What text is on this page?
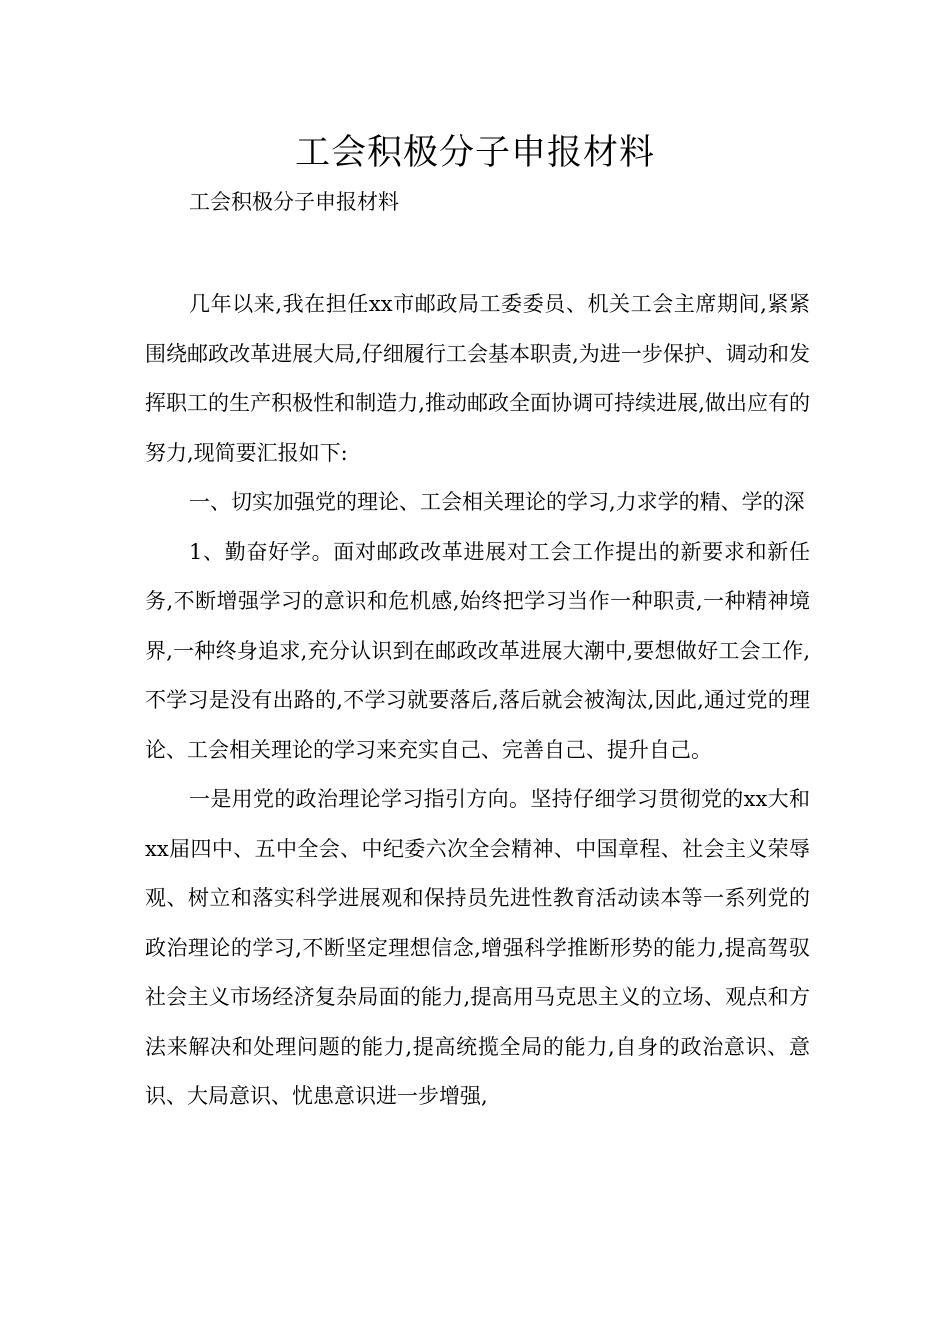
工会积极分子申报材料

工会积极分子申报材料

几年以来,我在担任xx市邮政局工委委员、机关工会主席期间,紧紧围绕邮政改革进展大局,仔细履行工会基本职责,为进一步保护、调动和发挥职工的生产积极性和制造力,推动邮政全面协调可持续进展,做出应有的努力,现简要汇报如下:

一、切实加强党的理论、工会相关理论的学习,力求学的精、学的深

1、勤奋好学。面对邮政改革进展对工会工作提出的新要求和新任务,不断增强学习的意识和危机感,始终把学习当作一种职责,一种精神境界,一种终身追求,充分认识到在邮政改革进展大潮中,要想做好工会工作,不学习是没有出路的,不学习就要落后,落后就会被淘汰,因此,通过党的理论、工会相关理论的学习来充实自己、完善自己、提升自己。

一是用党的政治理论学习指引方向。坚持仔细学习贯彻党的xx大和xx届四中、五中全会、中纪委六次全会精神、中国章程、社会主义荣辱观、树立和落实科学进展观和保持员先进性教育活动读本等一系列党的政治理论的学习,不断坚定理想信念,增强科学推断形势的能力,提高驾驭社会主义市场经济复杂局面的能力,提高用马克思主义的立场、观点和方法来解决和处理问题的能力,提高统揽全局的能力,自身的政治意识、意识、大局意识、忧患意识进一步增强,
